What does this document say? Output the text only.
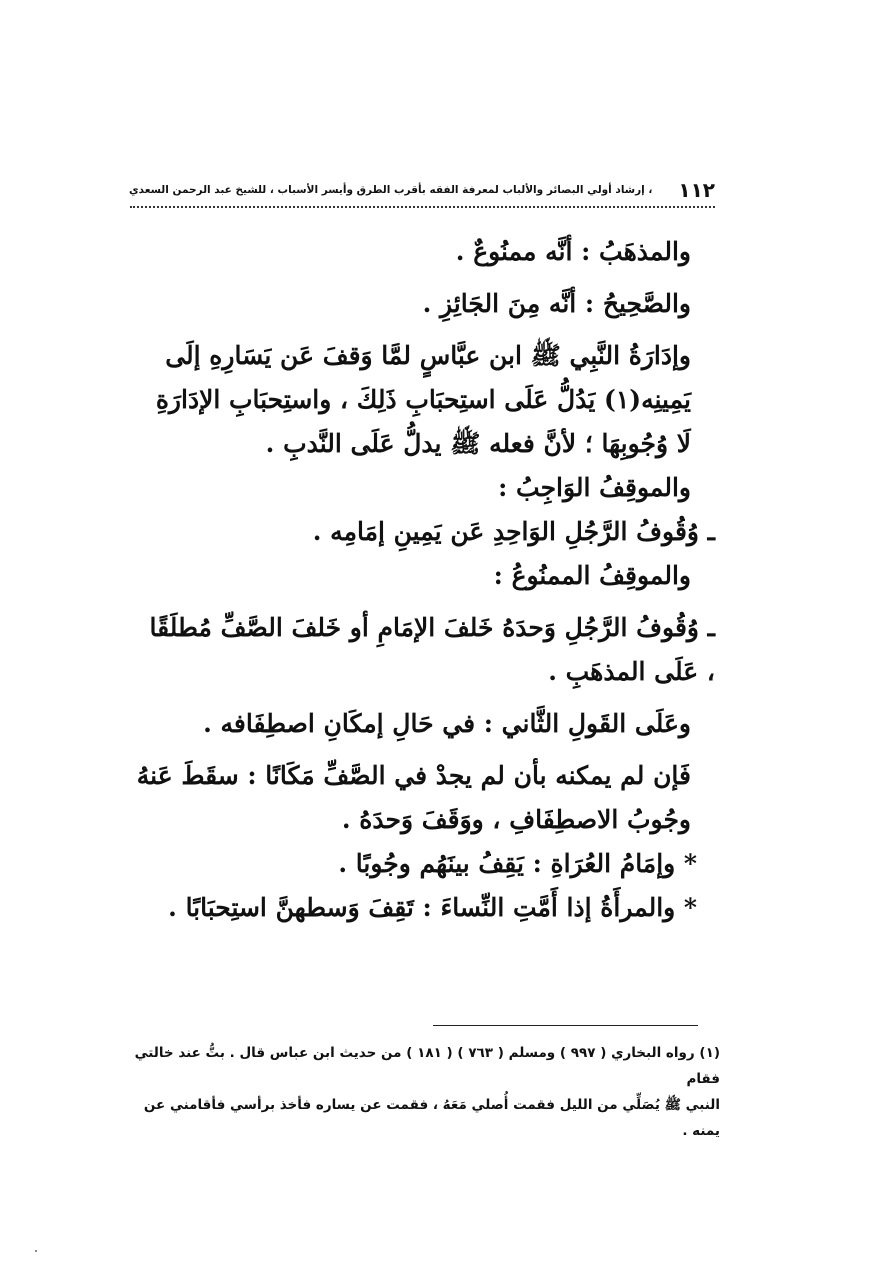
١١٢
، إرشاد أولي البصائر والألباب لمعرفة الفقه بأقرب الطرق وأيسر الأسباب ، للشيخ عبد الرحمن السعدي

والمذهَبُ : أنَّه ممنُوعٌ .

والصَّحِيحُ : أنَّه مِنَ الجَائِزِ .

وإدَارَةُ النَّبِي ﷺ ابن عبَّاسٍ لمَّا وَقفَ عَن يَسَارِهِ إلَى يَمِينِه(١) يَدُلُّ عَلَى استِحبَابِ ذَلِكَ ، واستِحبَابِ الإدَارَةِ لَا وُجُوبِهَا ؛ لأنَّ فعله ﷺ يدلُّ عَلَى النَّدبِ .

والموقِفُ الوَاجِبُ :

ـ وُقُوفُ الرَّجُلِ الوَاحِدِ عَن يَمِينِ إمَامِه .

والموقِفُ الممنُوعُ :

ـ وُقُوفُ الرَّجُلِ وَحدَهُ خَلفَ الإمَامِ أو خَلفَ الصَّفِّ مُطلَقًا ، عَلَى المذهَبِ .

وعَلَى القَولِ الثَّاني : في حَالِ إمكَانِ اصطِفَافه .

فَإن لم يمكنه بأن لم يجدْ في الصَّفِّ مَكَانًا : سقَطَ عَنهُ وجُوبُ الاصطِفَافِ ، ووَقَفَ وَحدَهُ .

* وإمَامُ العُرَاةِ : يَقِفُ بينَهُم وجُوبًا .

* والمرأَةُ إذا أَمَّتِ النِّساءَ : تَقِفَ وَسطهنَّ استِحبَابًا .

(١) رواه البخاري ( ٩٩٧ ) ومسلم ( ٧٦٣ ) ( ١٨١ ) من حديث ابن عباس قال . بتُّ عند خالتي فقام

النبي ﷺ يُصَلِّي من الليل فقمت أُصلي مَعَهُ ، فقمت عن يساره فأخذ برأسي فأقامني عن يمنه .
